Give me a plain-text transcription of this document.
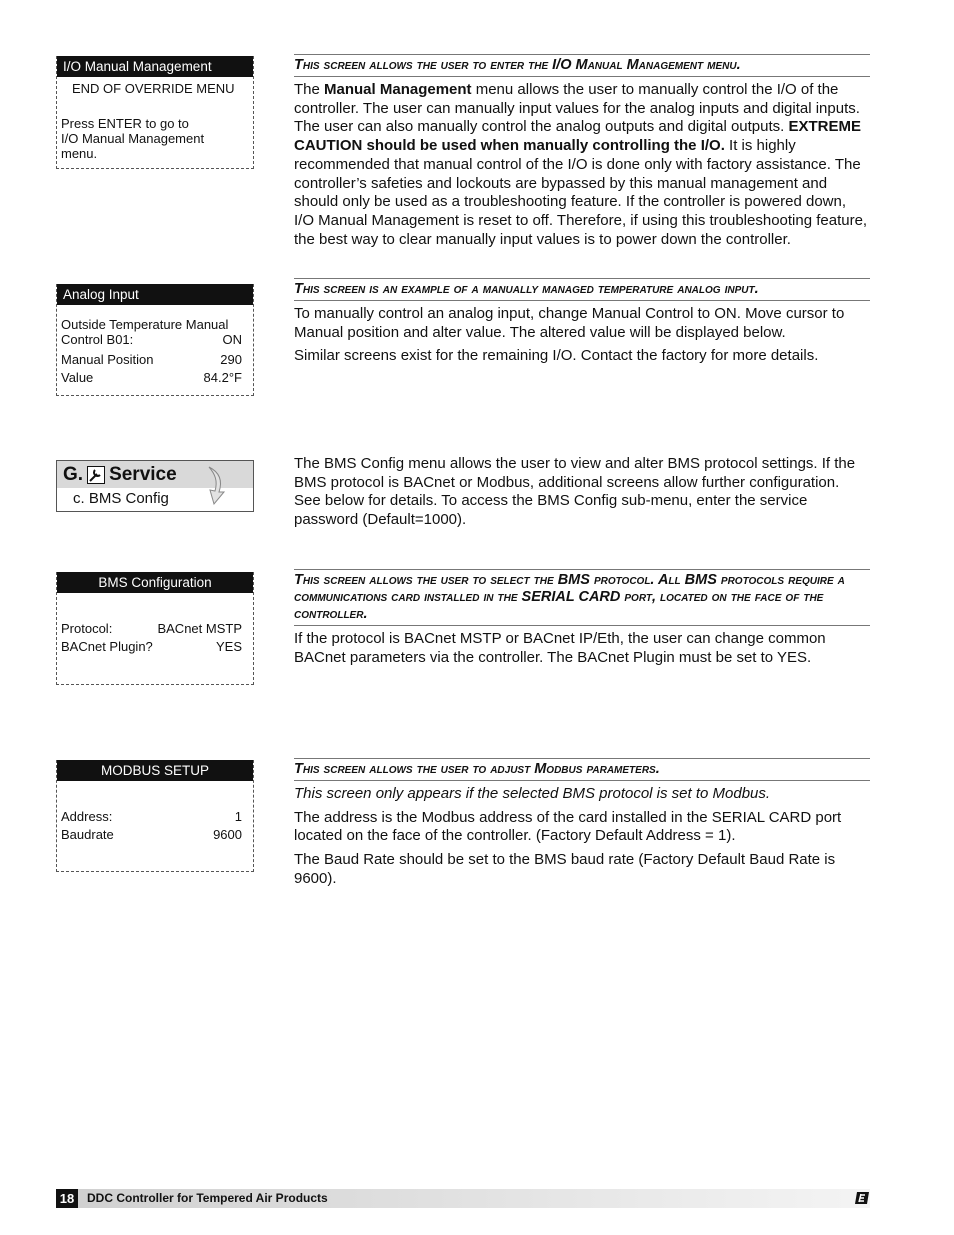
I/O Manual Management
END OF OVERRIDE MENU
Press ENTER to go to
I/O Manual Management
menu.
This screen allows the user to enter the I/O Manual Management menu.

The Manual Management menu allows the user to manually control the I/O of the controller. The user can manually input values for the analog inputs and digital inputs. The user can also manually control the analog outputs and digital outputs. EXTREME CAUTION should be used when manually controlling the I/O. It is highly recommended that manual control of the I/O is done only with factory assistance. The controller’s safeties and lockouts are bypassed by this manual management and should only be used as a troubleshooting feature. If the controller is powered down, I/O Manual Management is reset to off. Therefore, if using this troubleshooting feature, the best way to clear manually input values is to power down the controller.

Analog Input
Outside Temperature Manual
Control B01:	ON
Manual Position	290
Value	84.2°F
This screen is an example of a manually managed temperature analog input.

To manually control an analog input, change Manual Control to ON. Move cursor to Manual position and alter value. The altered value will be displayed below.

Similar screens exist for the remaining I/O. Contact the factory for more details.

G. Service
c. BMS Config

The BMS Config menu allows the user to view and alter BMS protocol settings. If the BMS protocol is BACnet or Modbus, additional screens allow further configuration. See below for details. To access the BMS Config sub-menu, enter the service password (Default=1000).

BMS Configuration
Protocol:	BACnet MSTP
BACnet Plugin?	YES
This screen allows the user to select the BMS protocol. All BMS protocols require a communications card installed in the SERIAL CARD port, located on the face of the controller.

If the protocol is BACnet MSTP or BACnet IP/Eth, the user can change common BACnet parameters via the controller. The BACnet Plugin must be set to YES.

MODBUS SETUP
Address:	1
Baudrate	9600
This screen allows the user to adjust Modbus parameters.

This screen only appears if the selected BMS protocol is set to Modbus.

The address is the Modbus address of the card installed in the SERIAL CARD port located on the face of the controller. (Factory Default Address = 1).

The Baud Rate should be set to the BMS baud rate (Factory Default Baud Rate is 9600).

18	DDC Controller for Tempered Air Products
